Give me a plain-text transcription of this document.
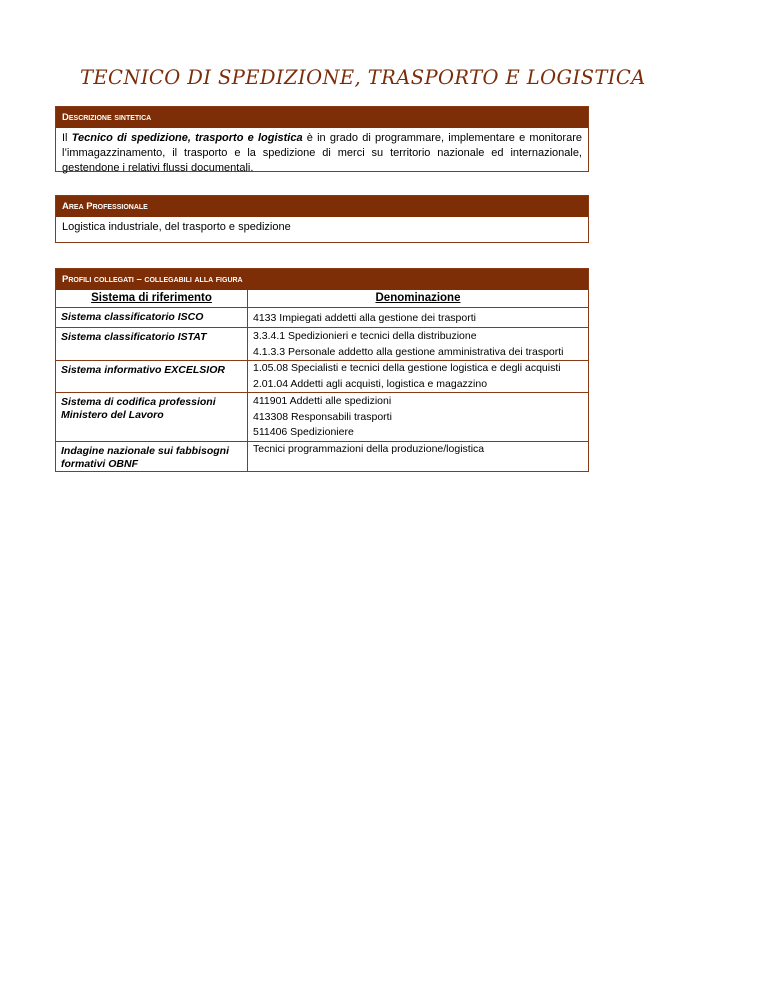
TECNICO DI SPEDIZIONE, TRASPORTO E LOGISTICA
Descrizione sintetica
Il Tecnico di spedizione, trasporto e logistica è in grado di programmare, implementare e monitorare l’immagazzinamento, il trasporto e la spedizione di merci su territorio nazionale ed internazionale, gestendone i relativi flussi documentali.
Area Professionale
Logistica industriale, del trasporto e spedizione
Profili collegati – collegabili alla figura
Sistema di riferimento	Denominazione
Sistema classificatorio ISCO	4133 Impiegati addetti alla gestione dei trasporti

Sistema classificatorio ISTAT	3.3.4.1 Spedizionieri e tecnici della distribuzione
4.1.3.3 Personale addetto alla gestione amministrativa dei trasporti

Sistema informativo EXCELSIOR	1.05.08 Specialisti e tecnici della gestione logistica e degli acquisti
2.01.04 Addetti agli acquisti, logistica e magazzino

Sistema di codifica professioni Ministero del Lavoro	411901 Addetti alle spedizioni
413308 Responsabili trasporti
511406 Spedizioniere

Indagine nazionale sui fabbisogni formativi OBNF	Tecnici programmazioni della produzione/logistica
